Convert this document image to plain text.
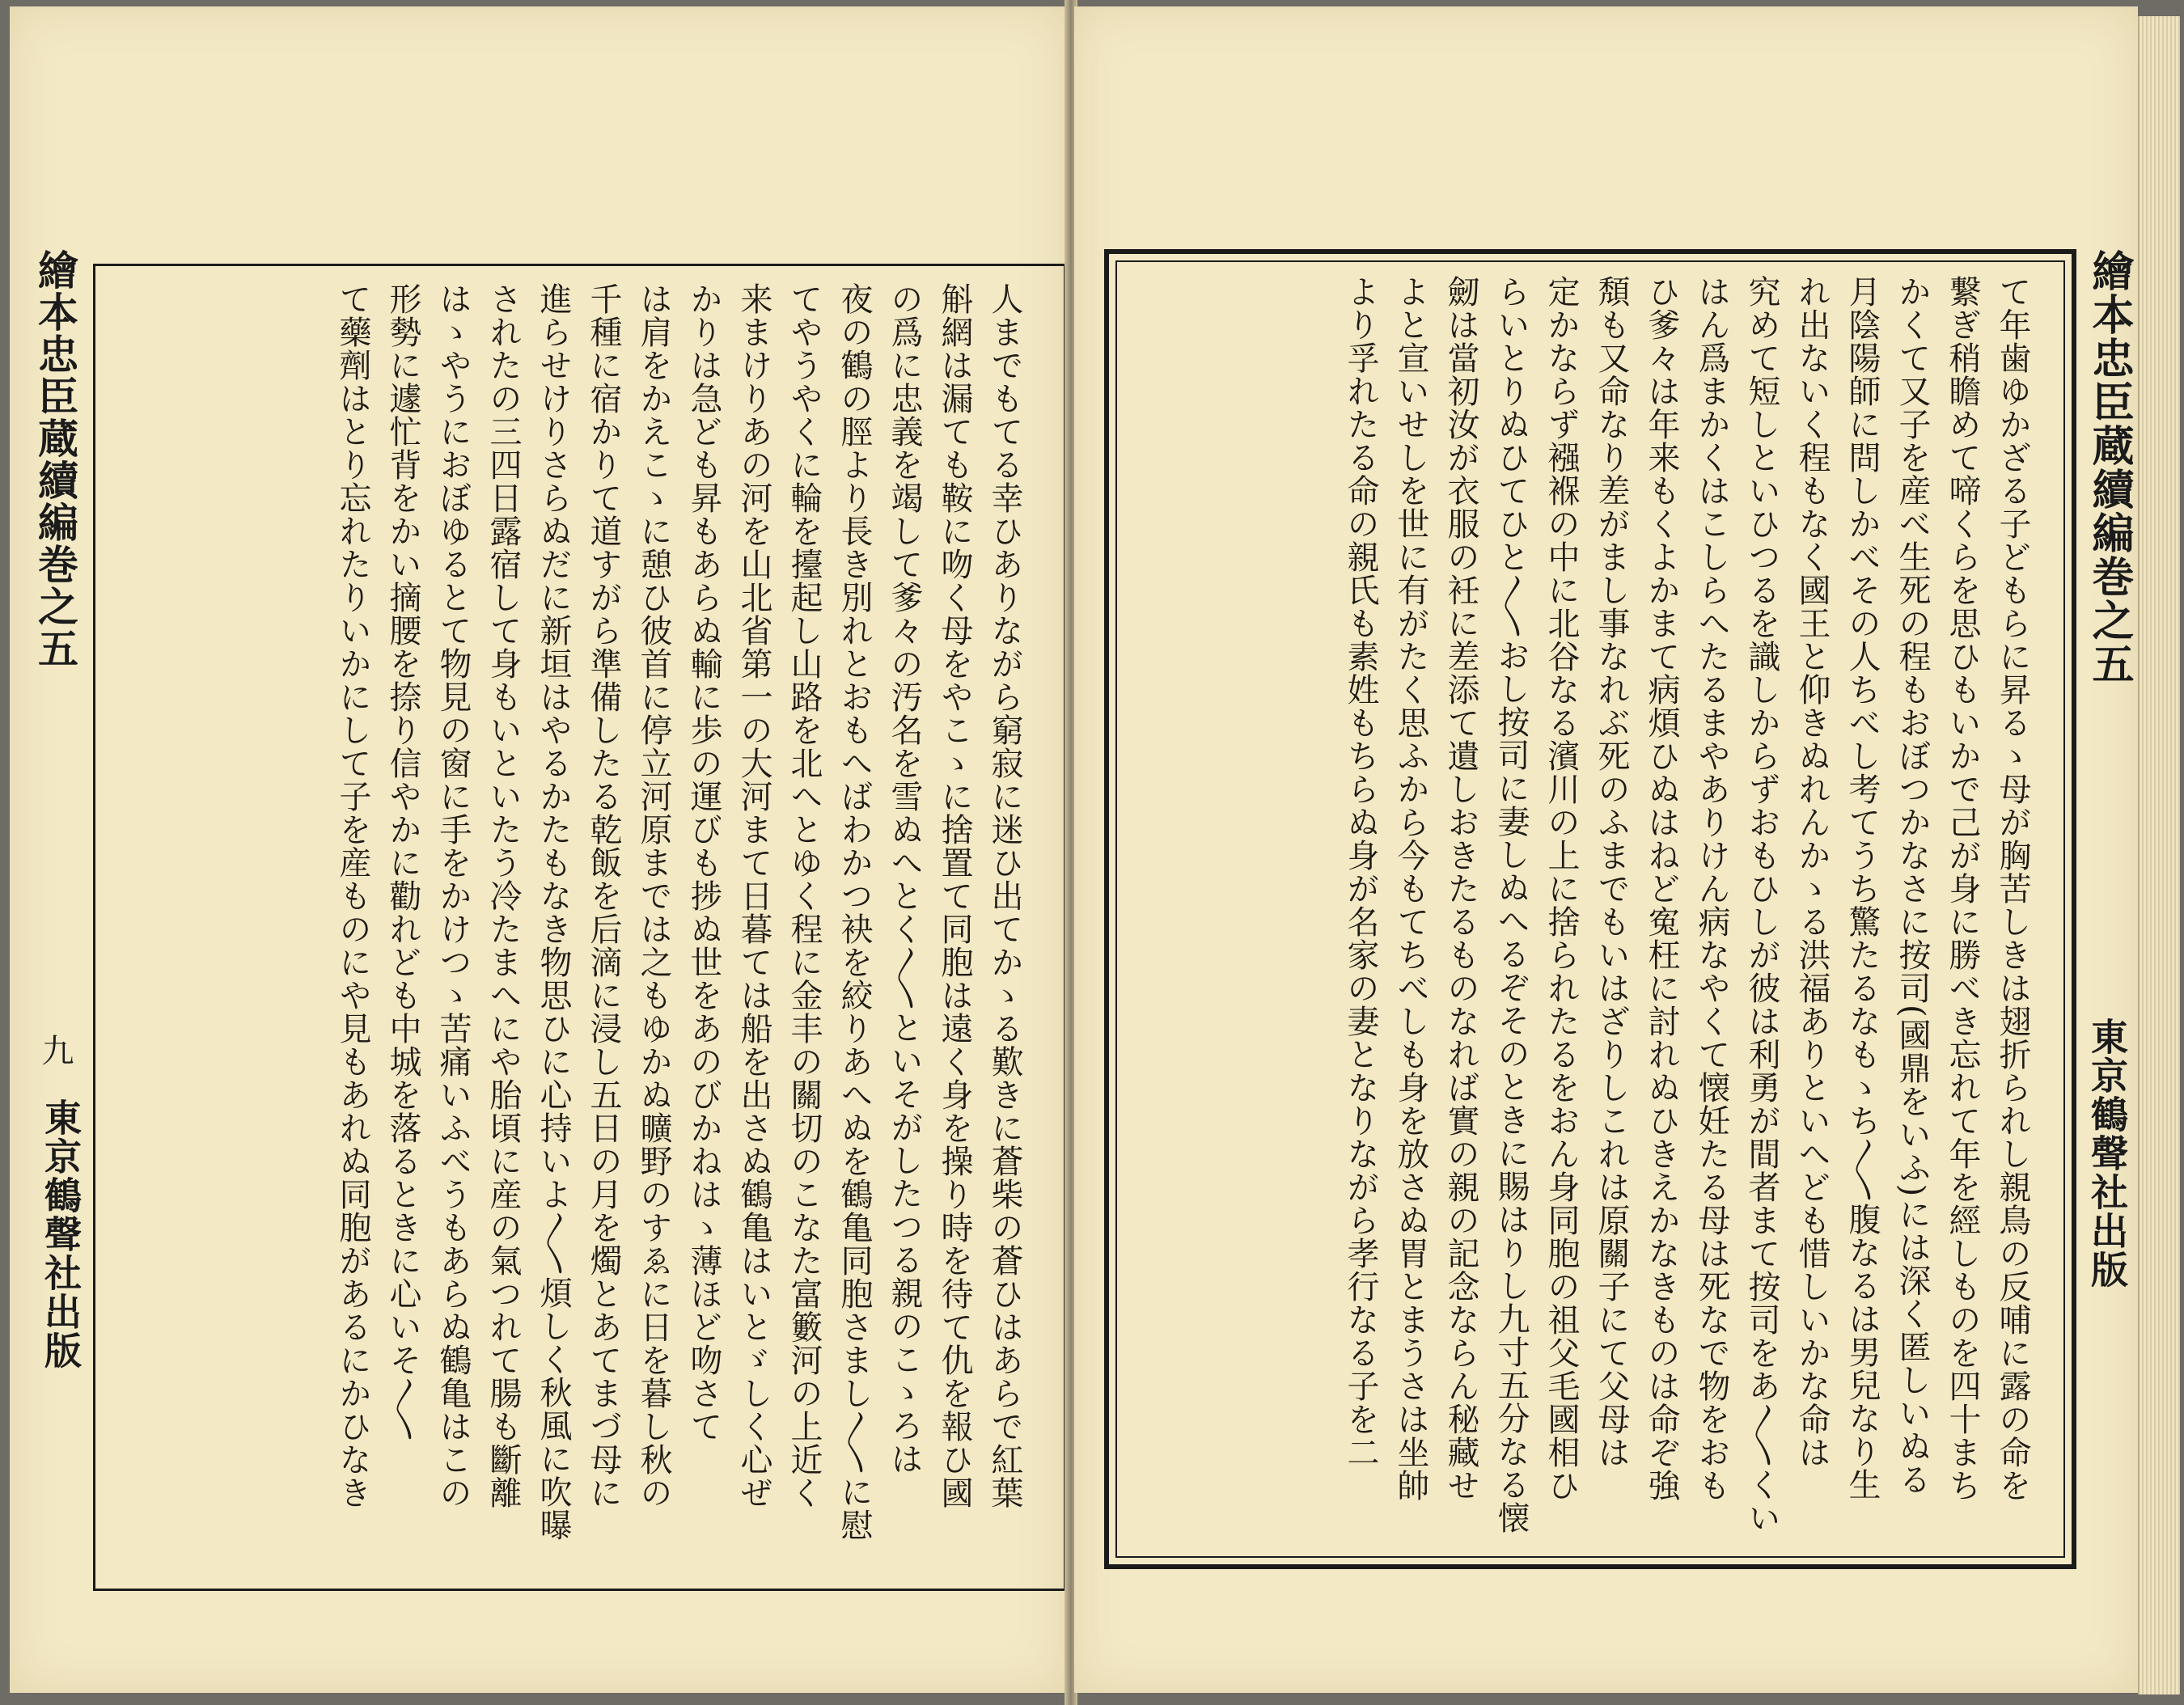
繪本忠臣蔵續編巻之五
九
東京鶴聲社出版	人までもてる幸ひありながら窮寂に迷ひ出てかゝる歎きに蒼柴の蒼ひはあらで紅葉

斛網は漏ても鞍に吻く母をやこゝに捨置て同胞は遠く身を操り時を待て仇を報ひ國

の爲に忠義を竭して爹々の汚名を雪ぬへとく〳〵といそがしたつる親のこゝろは

夜の鶴の脛より長き別れとおもへばわかつ袂を絞りあへぬを鶴亀同胞さまし〳〵に慰

てやうやくに輪を擡起し山路を北へとゆく程に金丰の關切のこなた富籔河の上近く

来まけりあの河を山北省第一の大河まて日暮ては船を出さぬ鶴亀はいとゞしく心ぜ

かりは急ども昇もあらぬ輸に歩の運びも捗ぬ世をあのびかねはゝ薄ほど吻さて

は肩をかえこゝに憩ひ彼首に停立河原までは之もゆかぬ曠野のすゑに日を暮し秋の

千種に宿かりて道すがら準備したる乾飯を后滴に浸し五日の月を燭とあてまづ母に

進らせけりさらぬだに新垣はやるかたもなき物思ひに心持いよ〳〵煩しく秋風に吹曝

されたの三四日露宿して身もいといたう冷たまへにや胎頃に産の氣つれて腸も斷離

はゝやうにおぼゆるとて物見の窗に手をかけつゝ苦痛いふべうもあらぬ鶴亀はこの

形勢に遽忙背をかい摘腰を捺り信やかに勸れども中城を落るときに心いそ〳〵

て藥劑はとり忘れたりいかにして子を産ものにや見もあれぬ同胞があるにかひなき	て年歯ゆかざる子どもらに昇るゝ母が胸苦しきは翅折られし親鳥の反哺に露の命を

繋ぎ稍瞻めて啼くらを思ひもいかで己が身に勝べき忘れて年を經しものを四十まち

かくて又子を産べ生死の程もおぼつかなさに按司(國鼎をいふ)には深く匿しいぬる

月陰陽師に問しかべその人ちべし考てうち驚たるなもゝち〳〵腹なるは男兒なり生

れ出ないく程もなく國王と仰きぬれんかゝる洪福ありといへども惜しいかな命は

究めて短しといひつるを識しからずおもひしが彼は利勇が間者まて按司をあ〳〵くい

はん爲まかくはこしらへたるまやありけん病なやくて懐妊たる母は死なで物をおも

ひ爹々は年来もくよかまて病煩ひぬはねど寃枉に討れぬひきえかなきものは命ぞ強

頽も又命なり差がまし事なれぶ死のふまでもいはざりしこれは原關子にて父母は

定かならず襁褓の中に北谷なる濱川の上に捨られたるをおん身同胞の祖父毛國相ひ

らいとりぬひてひと〳〵おし按司に妻しぬへるぞそのときに賜はりし九寸五分なる懐

劒は當初汝が衣服の衽に差添て遺しおきたるものなれば實の親の記念ならん秘藏せ

よと宣いせしを世に有がたく思ふから今もてちべしも身を放さぬ胃とまうさは坐帥

より孚れたる命の親氏も素姓もちらぬ身が名家の妻となりながら孝行なる子を二	繪本忠臣蔵續編巻之五
東京鶴聲社出版
